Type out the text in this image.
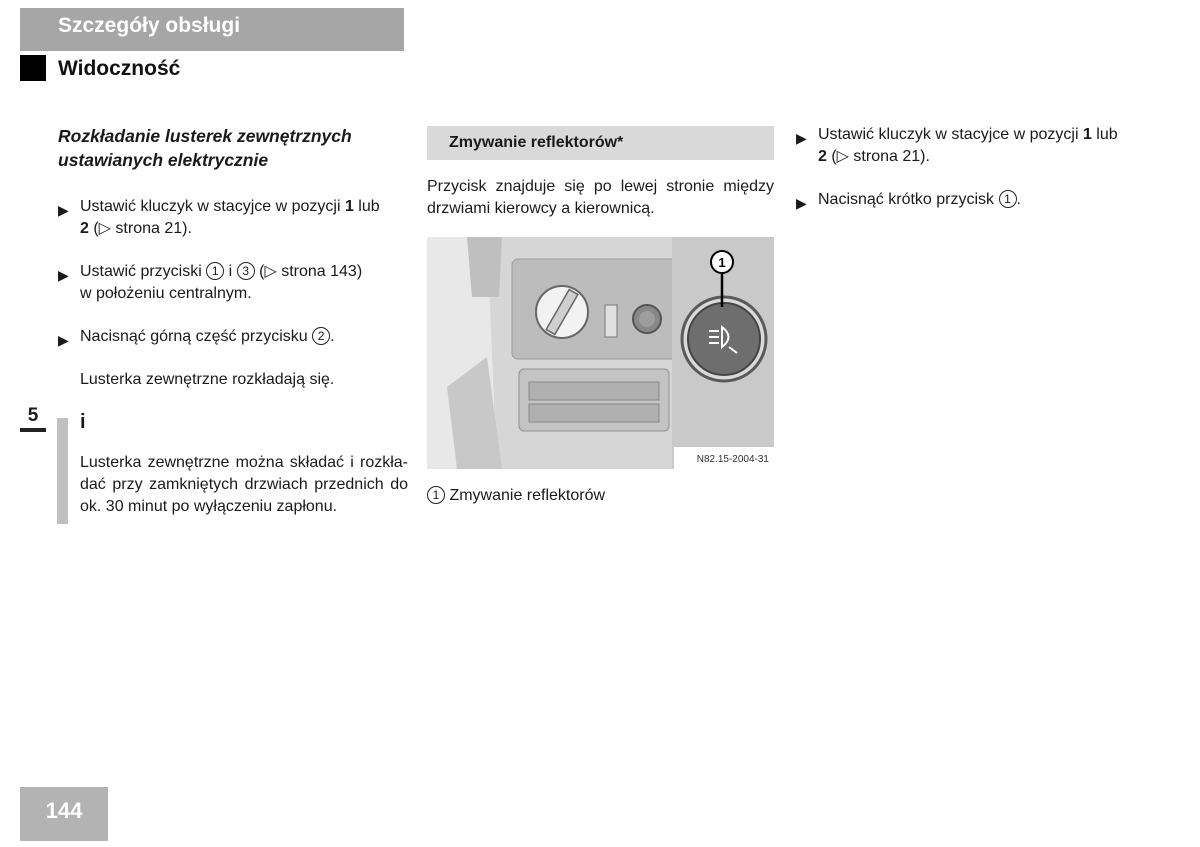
Szczegóły obsługi
Widoczność
Rozkładanie lusterek zewnętrznych ustawianych elektrycznie
▶ Ustawić kluczyk w stacyjce w pozycji 1 lub
2 (▷ strona 21).
▶ Ustawić przyciski 1 i 3 (▷ strona 143)
w położeniu centralnym.
▶ Nacisnąć górną część przycisku 2 .
Lusterka zewnętrzne rozkładają się.
i
Lusterka zewnętrzne można składać i rozkła-dać przy zamkniętych drzwiach przednich do ok. 30 minut po wyłączeniu zapłonu.
5
Zmywanie reflektorów*
Przycisk znajduje się po lewej stronie między drzwiami kierowcy a kierownicą.
1
N82.15-2004-31
1 Zmywanie reflektorów
▶ Ustawić kluczyk w stacyjce w pozycji 1 lub
2 (▷ strona 21).
▶ Nacisnąć krótko przycisk 1 .
144
